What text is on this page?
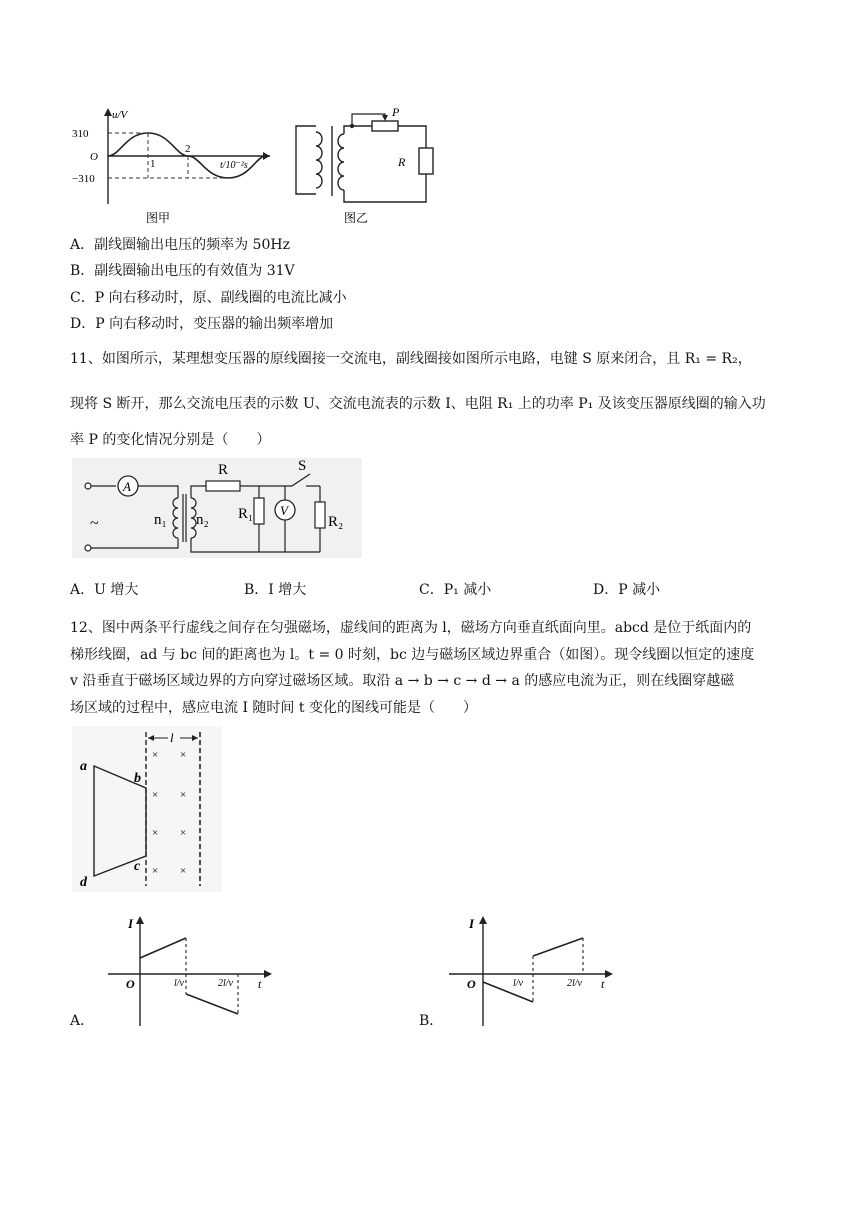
u/V
310
O
−310
1
2
t/10⁻²s
图甲
P
R
图乙
A．副线圈输出电压的频率为 50Hz
B．副线圈输出电压的有效值为 31V
C．P 向右移动时，原、副线圈的电流比减小
D．P 向右移动时，变压器的输出频率增加
11、如图所示，某理想变压器的原线圈接一交流电，副线圈接如图所示电路，电键 S 原来闭合，且 R₁ = R₂，
现将 S 断开，那么交流电压表的示数 U、交流电流表的示数 I、电阻 R₁ 上的功率 P₁ 及该变压器原线圈的输入功
率 P 的变化情况分别是（　　）
A
~	n₁ n₂
R	S
R₁ V
R₂
A．U 增大	B．I 增大	C．P₁ 减小	D．P 减小
12、图中两条平行虚线之间存在匀强磁场，虚线间的距离为 l，磁场方向垂直纸面向里。abcd 是位于纸面内的
梯形线圈，ad 与 bc 间的距离也为 l。t = 0 时刻，bc 边与磁场区域边界重合（如图）。现令线圈以恒定的速度
v 沿垂直于磁场区域边界的方向穿过磁场区域。取沿 a → b → c → d → a 的感应电流为正，则在线圈穿越磁
场区域的过程中，感应电流 I 随时间 t 变化的图线可能是（　　）
l
× ×
× ×
× ×
× ×
a
b
c
d
I
O	l/v	2l/v t
A．
I
O	l/v	2l/v t
B．
